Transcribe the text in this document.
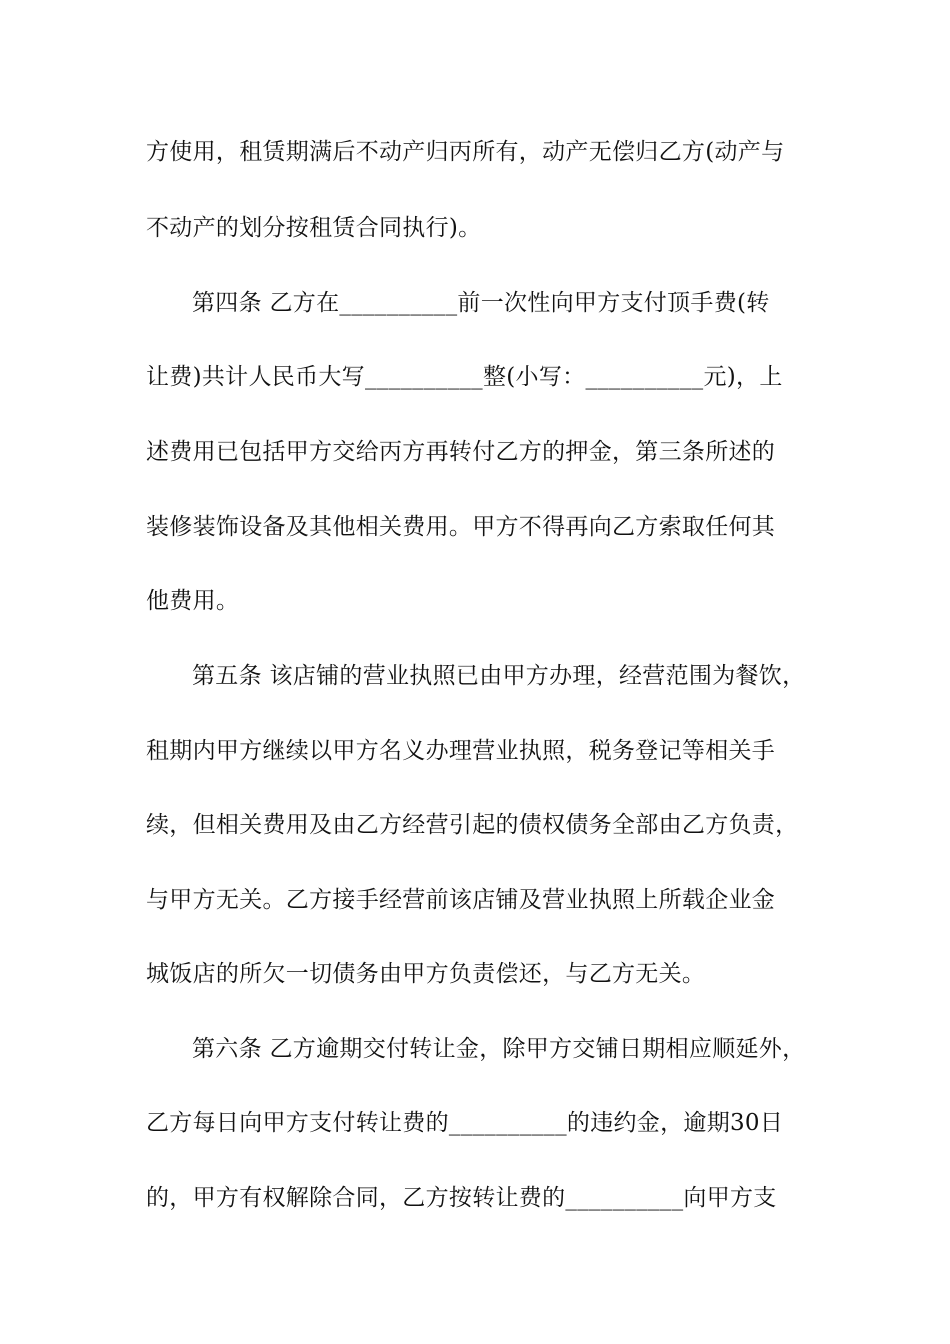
方使用，租赁期满后不动产归丙所有，动产无偿归乙方(动产与
不动产的划分按租赁合同执行)。
第四条 乙方在__________前一次性向甲方支付顶手费(转
让费)共计人民币大写__________整(小写：__________元)，上
述费用已包括甲方交给丙方再转付乙方的押金，第三条所述的
装修装饰设备及其他相关费用。甲方不得再向乙方索取任何其
他费用。
第五条 该店铺的营业执照已由甲方办理，经营范围为餐饮，
租期内甲方继续以甲方名义办理营业执照，税务登记等相关手
续，但相关费用及由乙方经营引起的债权债务全部由乙方负责，
与甲方无关。乙方接手经营前该店铺及营业执照上所载企业金
城饭店的所欠一切债务由甲方负责偿还，与乙方无关。
第六条 乙方逾期交付转让金，除甲方交铺日期相应顺延外，
乙方每日向甲方支付转让费的__________的违约金，逾期30日
的，甲方有权解除合同，乙方按转让费的__________向甲方支
